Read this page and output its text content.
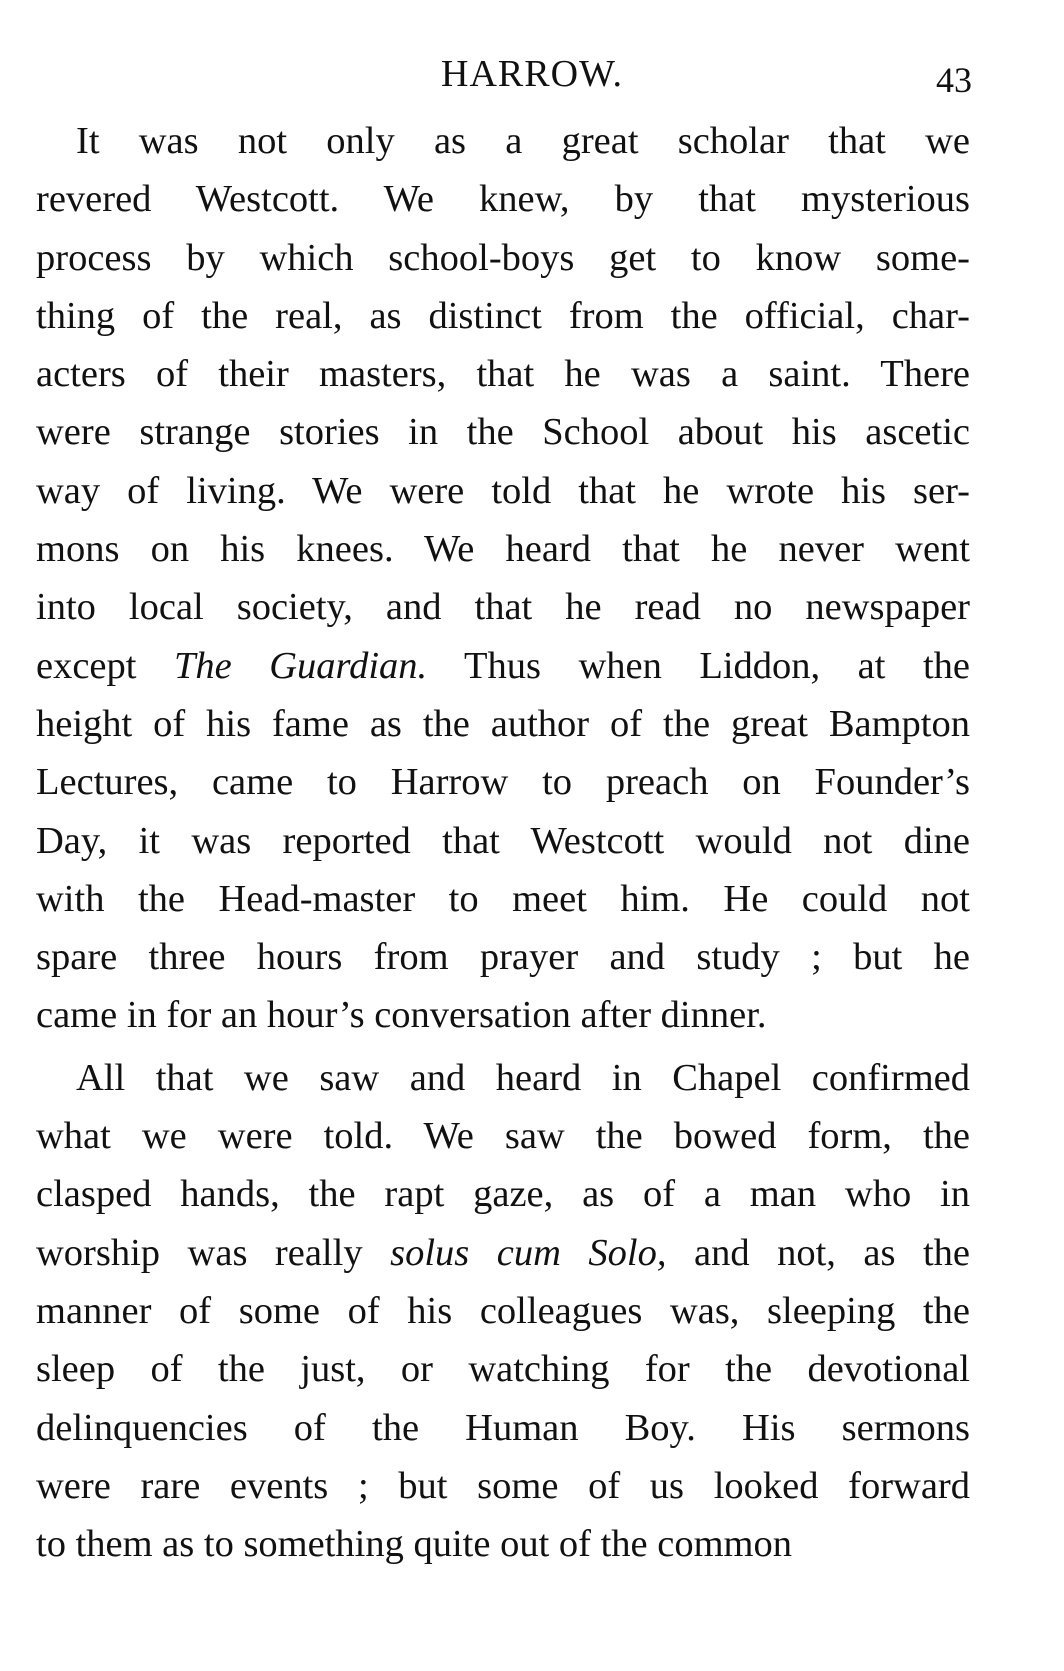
HARROW.	43
It was not only as a great scholar that we
revered Westcott. We knew, by that mysterious
process by which school-boys get to know some-
thing of the real, as distinct from the official, char-
acters of their masters, that he was a saint. There
were strange stories in the School about his ascetic
way of living. We were told that he wrote his ser-
mons on his knees. We heard that he never went
into local society, and that he read no newspaper
except The Guardian. Thus when Liddon, at the
height of his fame as the author of the great Bampton
Lectures, came to Harrow to preach on Founder’s
Day, it was reported that Westcott would not dine
with the Head-master to meet him. He could not
spare three hours from prayer and study ; but he
came in for an hour’s conversation after dinner.
All that we saw and heard in Chapel confirmed
what we were told. We saw the bowed form, the
clasped hands, the rapt gaze, as of a man who in
worship was really solus cum Solo, and not, as the
manner of some of his colleagues was, sleeping the
sleep of the just, or watching for the devotional
delinquencies of the Human Boy. His sermons
were rare events ; but some of us looked forward
to them as to something quite out of the common
